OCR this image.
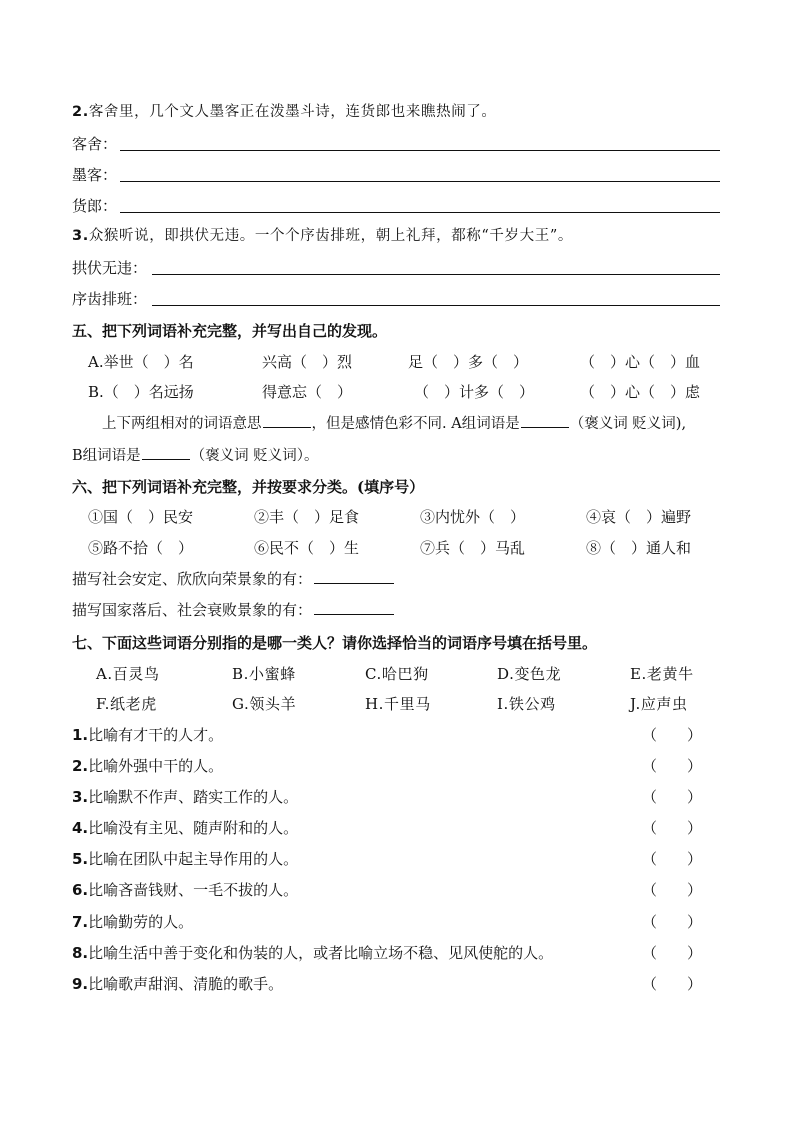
2.客舍里，几个文人墨客正在泼墨斗诗，连货郎也来瞧热闹了。
客舍：
墨客：
货郎：
3.众猴听说，即拱伏无违。一个个序齿排班，朝上礼拜，都称“千岁大王”。
拱伏无违：
序齿排班：
五、把下列词语补充完整，并写出自己的发现。
A.举世（　）名	兴高（　）烈	足（　）多（　）	（　）心（　）血
B.（　）名远扬	得意忘（　）	（　）计多（　）	（　）心（　）虑
上下两组相对的词语意思	，但是感情色彩不同. A组词语是	（褒义词 贬义词),
B组词语是	（褒义词 贬义词）。
六、把下列词语补充完整，并按要求分类。(填序号）
①国（　）民安	②丰（　）足食	③内忧外（　）	④哀（　）遍野
⑤路不拾（　）	⑥民不（　）生	⑦兵（　）马乱	⑧（　）通人和
描写社会安定、欣欣向荣景象的有：
描写国家落后、社会衰败景象的有：
七、下面这些词语分别指的是哪一类人？请你选择恰当的词语序号填在括号里。
A.百灵鸟	B.小蜜蜂	C.哈巴狗	D.变色龙	E.老黄牛
F.纸老虎	G.领头羊	H.千里马	I.铁公鸡	J.应声虫
1.比喻有才干的人才。	（　　）
2.比喻外强中干的人。	（　　）
3.比喻默不作声、踏实工作的人。	（　　）
4.比喻没有主见、随声附和的人。	（　　）
5.比喻在团队中起主导作用的人。	（　　）
6.比喻吝啬钱财、一毛不拔的人。	（　　）
7.比喻勤劳的人。	（　　）
8.比喻生活中善于变化和伪装的人，或者比喻立场不稳、见风使舵的人。	（　　）
9.比喻歌声甜润、清脆的歌手。	（　　）
